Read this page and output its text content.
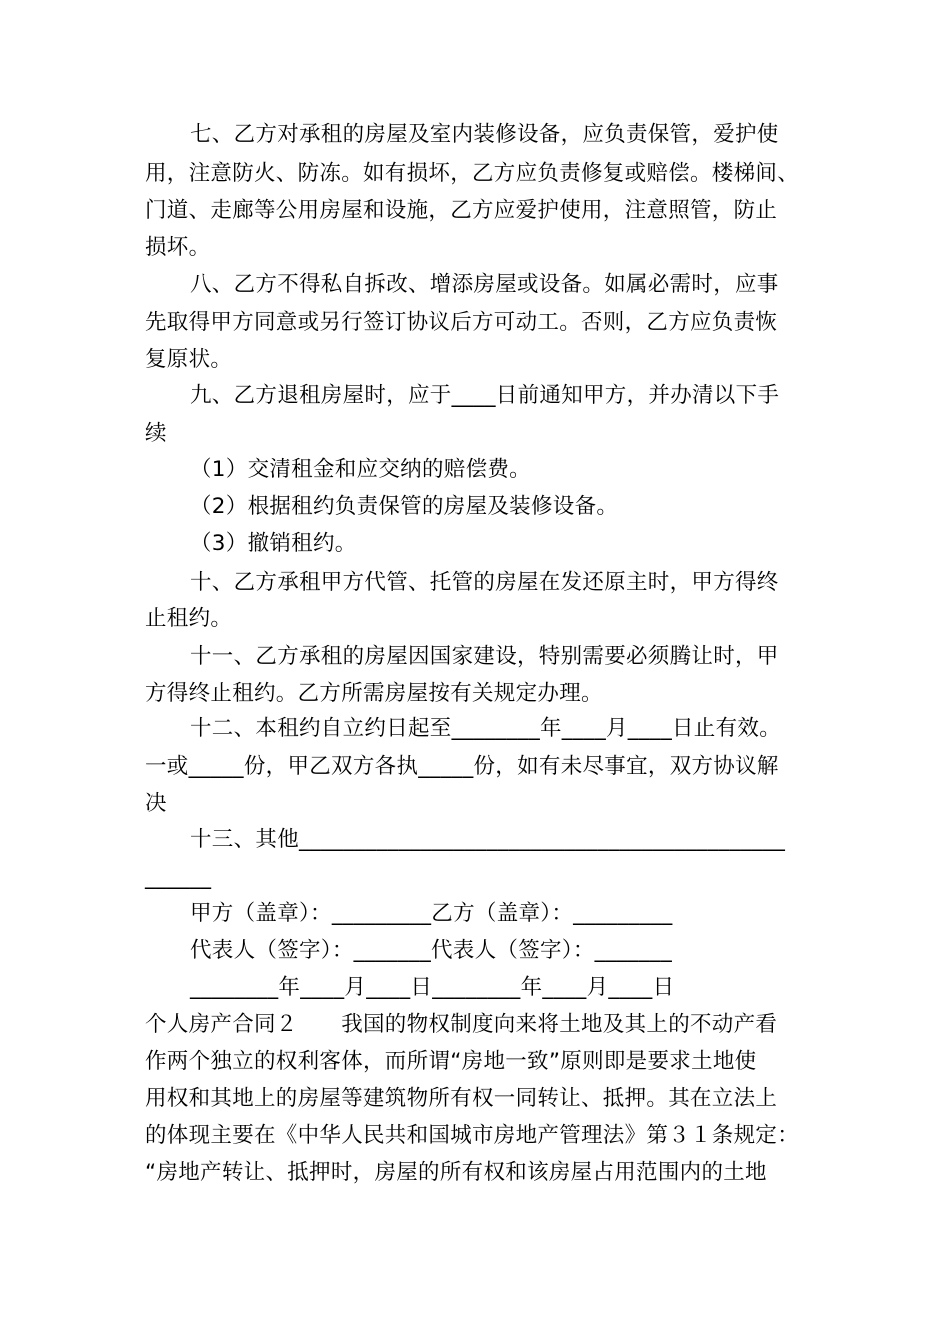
七、乙方对承租的房屋及室内装修设备，应负责保管，爱护使
用，注意防火、防冻。如有损坏，乙方应负责修复或赔偿。楼梯间、
门道、走廊等公用房屋和设施，乙方应爱护使用，注意照管，防止
损坏。
八、乙方不得私自拆改、增添房屋或设备。如属必需时，应事
先取得甲方同意或另行签订协议后方可动工。否则，乙方应负责恢
复原状。
九、乙方退租房屋时，应于____日前通知甲方，并办清以下手
续
（1）交清租金和应交纳的赔偿费。
（2）根据租约负责保管的房屋及装修设备。
（3）撤销租约。
十、乙方承租甲方代管、托管的房屋在发还原主时，甲方得终
止租约。
十一、乙方承租的房屋因国家建设，特别需要必须腾让时，甲
方得终止租约。乙方所需房屋按有关规定办理。
十二、本租约自立约日起至________年____月____日止有效。
一或_____份，甲乙双方各执_____份，如有未尽事宜，双方协议解
决
十三、其他____________________________________________
______
甲方（盖章）：_________乙方（盖章）：_________
代表人（签字）：_______代表人（签字）：_______
________年____月____日________年____月____日
个人房产合同２　　我国的物权制度向来将土地及其上的不动产看
作两个独立的权利客体，而所谓“房地一致”原则即是要求土地使
用权和其地上的房屋等建筑物所有权一同转让、抵押。其在立法上
的体现主要在《中华人民共和国城市房地产管理法》第３１条规定：
“房地产转让、抵押时，房屋的所有权和该房屋占用范围内的土地
